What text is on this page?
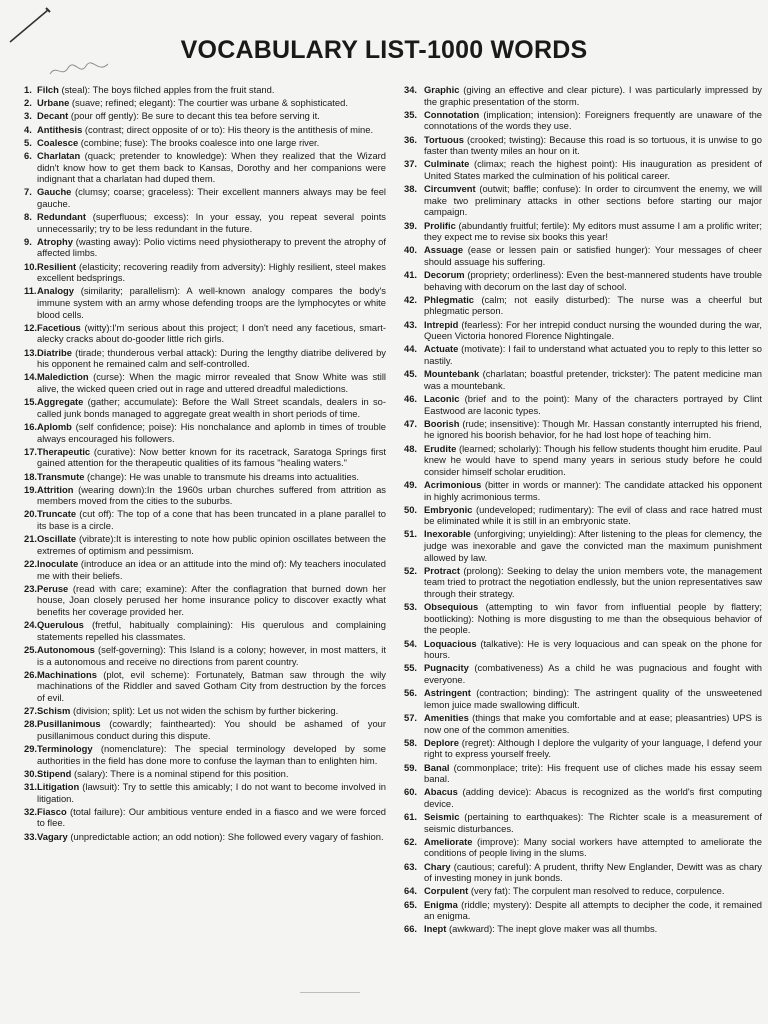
VOCABULARY LIST-1000 WORDS
1. Filch (steal): The boys filched apples from the fruit stand.
2. Urbane (suave; refined; elegant): The courtier was urbane & sophisticated.
3. Decant (pour off gently): Be sure to decant this tea before serving it.
4. Antithesis (contrast; direct opposite of or to): His theory is the antithesis of mine.
5. Coalesce (combine; fuse): The brooks coalesce into one large river.
6. Charlatan (quack; pretender to knowledge): When they realized that the Wizard didn't know how to get them back to Kansas, Dorothy and her companions were indignant that a charlatan had duped them.
7. Gauche (clumsy; coarse; graceless): Their excellent manners always may be feel gauche.
8. Redundant (superfluous; excess): In your essay, you repeat several points unnecessarily; try to be less redundant in the future.
9. Atrophy (wasting away): Polio victims need physiotherapy to prevent the atrophy of affected limbs.
10. Resilient (elasticity; recovering readily from adversity): Highly resilient, steel makes excellent bedsprings.
11. Analogy (similarity; parallelism): A well-known analogy compares the body's immune system with an army whose defending troops are the lymphocytes or white blood cells.
12. Facetious (witty):I'm serious about this project; I don't need any facetious, smart-alecky cracks about do-gooder little rich girls.
13. Diatribe (tirade; thunderous verbal attack): During the lengthy diatribe delivered by his opponent he remained calm and self-controlled.
14. Malediction (curse): When the magic mirror revealed that Snow White was still alive, the wicked queen cried out in rage and uttered dreadful maledictions.
15. Aggregate (gather; accumulate): Before the Wall Street scandals, dealers in so-called junk bonds managed to aggregate great wealth in short periods of time.
16. Aplomb (self confidence; poise): His nonchalance and aplomb in times of trouble always encouraged his followers.
17. Therapeutic (curative): Now better known for its racetrack, Saratoga Springs first gained attention for the therapeutic qualities of its famous "healing waters."
18. Transmute (change): He was unable to transmute his dreams into actualities.
19. Attrition (wearing down):In the 1960s urban churches suffered from attrition as members moved from the cities to the suburbs.
20. Truncate (cut off): The top of a cone that has been truncated in a plane parallel to its base is a circle.
21. Oscillate (vibrate):It is interesting to note how public opinion oscillates between the extremes of optimism and pessimism.
22. Inoculate (introduce an idea or an attitude into the mind of): My teachers inoculated me with their beliefs.
23. Peruse (read with care; examine): After the conflagration that burned down her house, Joan closely perused her home insurance policy to discover exactly what benefits her coverage provided her.
24. Querulous (fretful, habitually complaining): His querulous and complaining statements repelled his classmates.
25. Autonomous (self-governing): This Island is a colony; however, in most matters, it is a autonomous and receive no directions from parent country.
26. Machinations (plot, evil scheme): Fortunately, Batman saw through the wily machinations of the Riddler and saved Gotham City from destruction by the forces of evil.
27. Schism (division; split): Let us not widen the schism by further bickering.
28. Pusillanimous (cowardly; fainthearted): You should be ashamed of your pusillanimous conduct during this dispute.
29. Terminology (nomenclature): The special terminology developed by some authorities in the field has done more to confuse the layman than to enlighten him.
30. Stipend (salary): There is a nominal stipend for this position.
31. Litigation (lawsuit): Try to settle this amicably; I do not want to become involved in litigation.
32. Fiasco (total failure): Our ambitious venture ended in a fiasco and we were forced to flee.
33. Vagary (unpredictable action; an odd notion): She followed every vagary of fashion.
34. Graphic (giving an effective and clear picture). I was particularly impressed by the graphic presentation of the storm.
35. Connotation (implication; intension): Foreigners frequently are unaware of the connotations of the words they use.
36. Tortuous (crooked; twisting): Because this road is so tortuous, it is unwise to go faster than twenty miles an hour on it.
37. Culminate (climax; reach the highest point): His inauguration as president of United States marked the culmination of his political career.
38. Circumvent (outwit; baffle; confuse): In order to circumvent the enemy, we will make two preliminary attacks in other sections before starting our major campaign.
39. Prolific (abundantly fruitful; fertile): My editors must assume I am a prolific writer; they expect me to revise six books this year!
40. Assuage (ease or lessen pain or satisfied hunger): Your messages of cheer should assuage his suffering.
41. Decorum (propriety; orderliness): Even the best-mannered students have trouble behaving with decorum on the last day of school.
42. Phlegmatic (calm; not easily disturbed): The nurse was a cheerful but phlegmatic person.
43. Intrepid (fearless): For her intrepid conduct nursing the wounded during the war, Queen Victoria honored Florence Nightingale.
44. Actuate (motivate): I fail to understand what actuated you to reply to this letter so nastily.
45. Mountebank (charlatan; boastful pretender, trickster): The patent medicine man was a mountebank.
46. Laconic (brief and to the point): Many of the characters portrayed by Clint Eastwood are laconic types.
47. Boorish (rude; insensitive): Though Mr. Hassan constantly interrupted his friend, he ignored his boorish behavior, for he had lost hope of teaching him.
48. Erudite (learned; scholarly): Though his fellow students thought him erudite. Paul knew he would have to spend many years in serious study before he could consider himself scholar erudition.
49. Acrimonious (bitter in words or manner): The candidate attacked his opponent in highly acrimonious terms.
50. Embryonic (undeveloped; rudimentary): The evil of class and race hatred must be eliminated while it is still in an embryonic state.
51. Inexorable (unforgiving; unyielding): After listening to the pleas for clemency, the judge was inexorable and gave the convicted man the maximum punishment allowed by law.
52. Protract (prolong): Seeking to delay the union members vote, the management team tried to protract the negotiation endlessly, but the union representatives saw through their strategy.
53. Obsequious (attempting to win favor from influential people by flattery; bootlicking): Nothing is more disgusting to me than the obsequious behavior of the people.
54. Loquacious (talkative): He is very loquacious and can speak on the phone for hours.
55. Pugnacity (combativeness) As a child he was pugnacious and fought with everyone.
56. Astringent (contraction; binding): The astringent quality of the unsweetened lemon juice made swallowing difficult.
57. Amenities (things that make you comfortable and at ease; pleasantries) UPS is now one of the common amenities.
58. Deplore (regret): Although I deplore the vulgarity of your language, I defend your right to express yourself freely.
59. Banal (commonplace; trite): His frequent use of cliches made his essay seem banal.
60. Abacus (adding device): Abacus is recognized as the world's first computing device.
61. Seismic (pertaining to earthquakes): The Richter scale is a measurement of seismic disturbances.
62. Ameliorate (improve): Many social workers have attempted to ameliorate the conditions of people living in the slums.
63. Chary (cautious; careful): A prudent, thrifty New Englander, Dewitt was as chary of investing money in junk bonds.
64. Corpulent (very fat): The corpulent man resolved to reduce, corpulence.
65. Enigma (riddle; mystery): Despite all attempts to decipher the code, it remained an enigma.
66. Inept (awkward): The inept glove maker was all thumbs.
